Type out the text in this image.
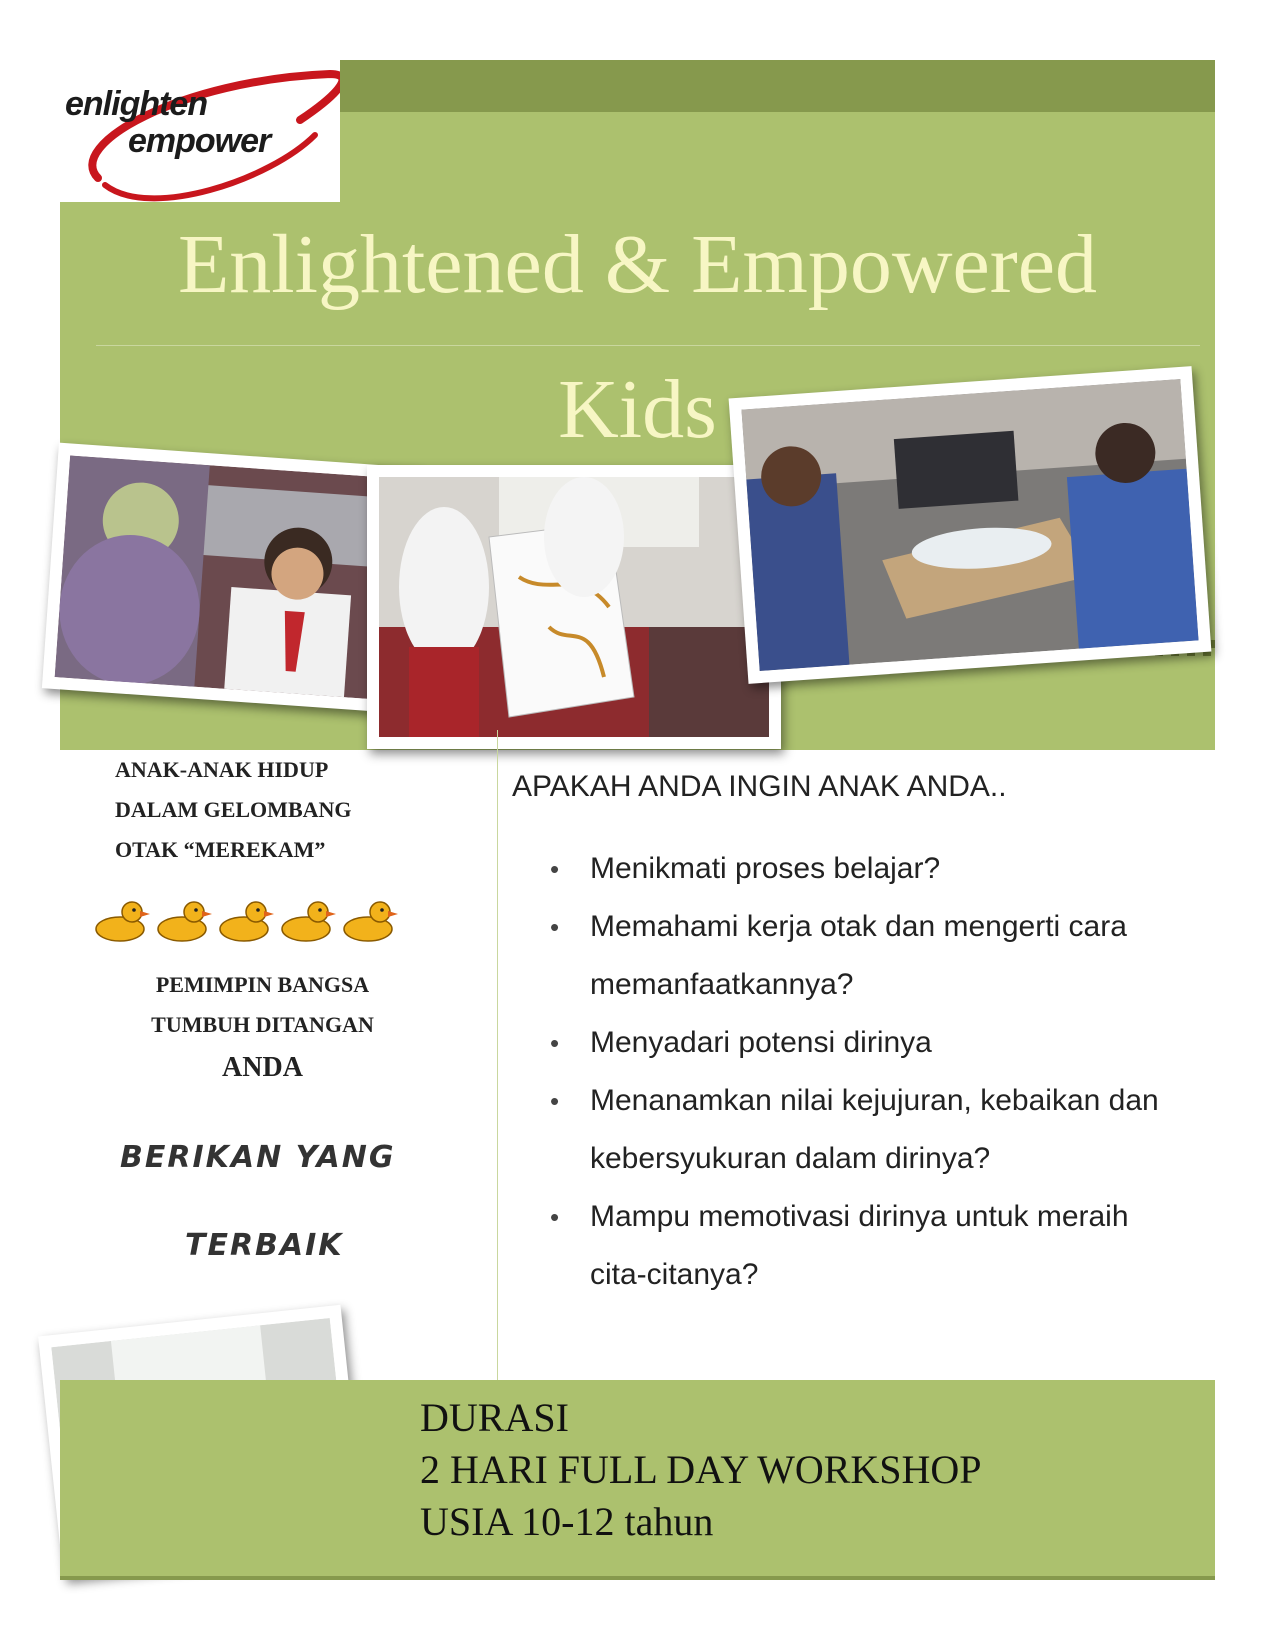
enlighten
empower
Enlightened & Empowered
Kids
ANAK-ANAK HIDUP
DALAM GELOMBANG
OTAK “MEREKAM”
PEMIMPIN BANGSA
TUMBUH DITANGAN
ANDA
BERIKAN YANG
TERBAIK
APAKAH ANDA INGIN ANAK ANDA..
• Menikmati proses belajar?
• Memahami kerja otak dan mengerti cara memanfaatkannya?
• Menyadari potensi dirinya
• Menanamkan nilai kejujuran, kebaikan dan kebersyukuran dalam dirinya?
• Mampu memotivasi dirinya untuk meraih cita-citanya?
DURASI
2 HARI FULL DAY WORKSHOP
USIA 10-12 tahun
